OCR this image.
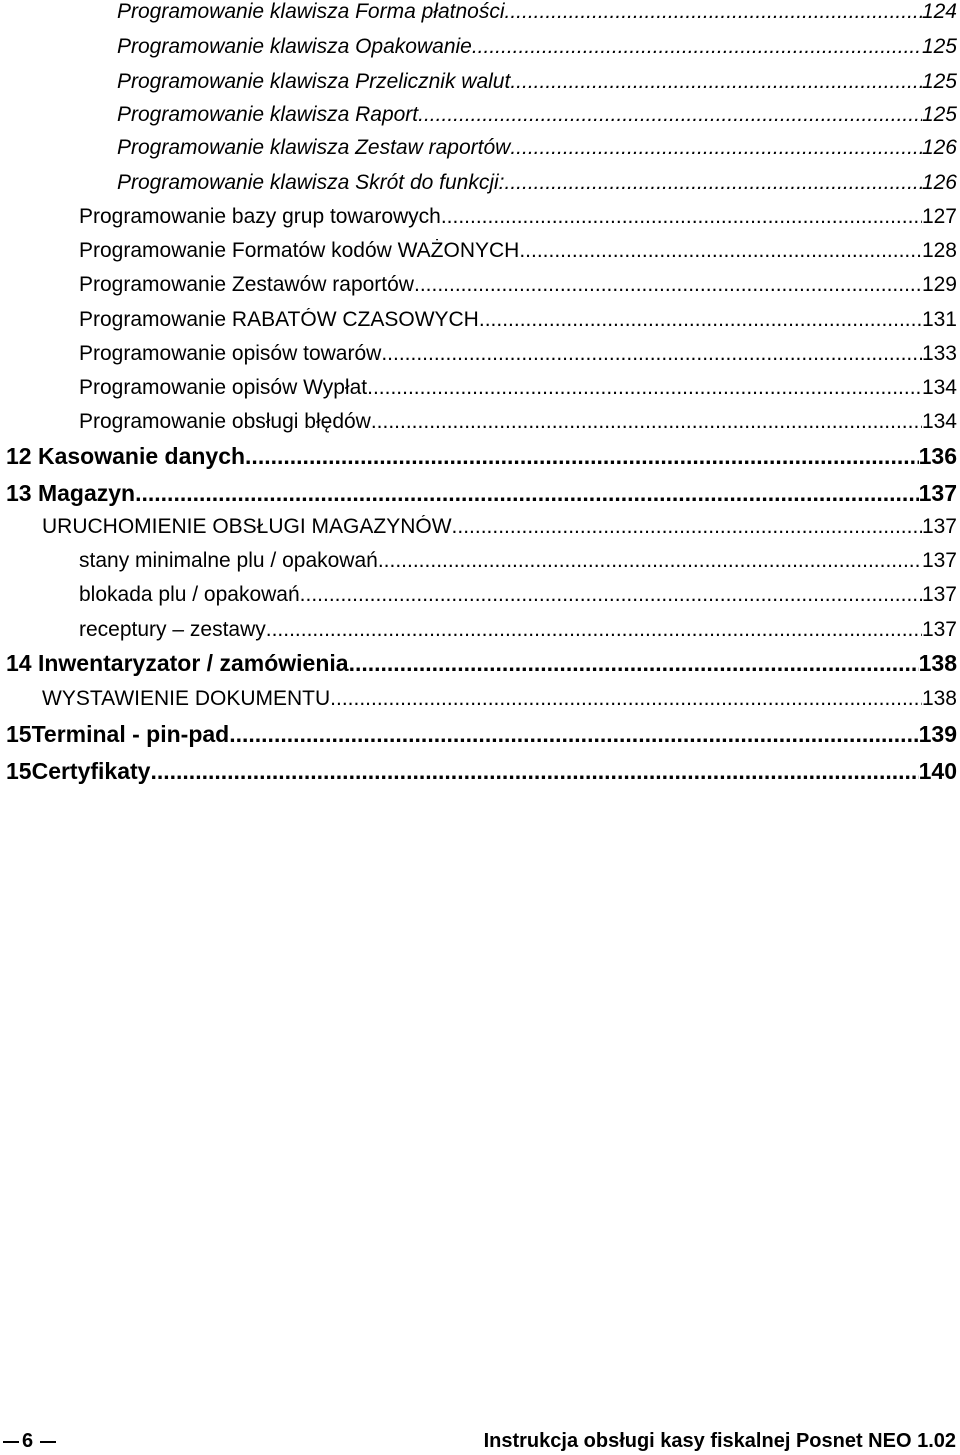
Programowanie klawisza Forma płatności .....	124
Programowanie klawisza Opakowanie .....	125
Programowanie klawisza Przelicznik walut .....	125
Programowanie klawisza Raport .....	125
Programowanie klawisza Zestaw raportów .....	126
Programowanie klawisza Skrót do funkcji: .....	126
Programowanie bazy grup towarowych .....	127
Programowanie Formatów kodów WAŻONYCH .....	128
Programowanie Zestawów raportów .....	129
Programowanie RABATÓW CZASOWYCH .....	131
Programowanie opisów towarów .....	133
Programowanie opisów Wypłat .....	134
Programowanie obsługi błędów .....	134
12 Kasowanie danych .....	136
13 Magazyn .....	137
URUCHOMIENIE OBSŁUGI MAGAZYNÓW .....	137
stany minimalne plu / opakowań .....	137
blokada plu / opakowań .....	137
receptury – zestawy .....	137
14 Inwentaryzator / zamówienia .....	138
WYSTAWIENIE DOKUMENTU .....	138
15Terminal - pin-pad .....	139
15Certyfikaty .....	140
6	Instrukcja obsługi kasy fiskalnej Posnet NEO 1.02
